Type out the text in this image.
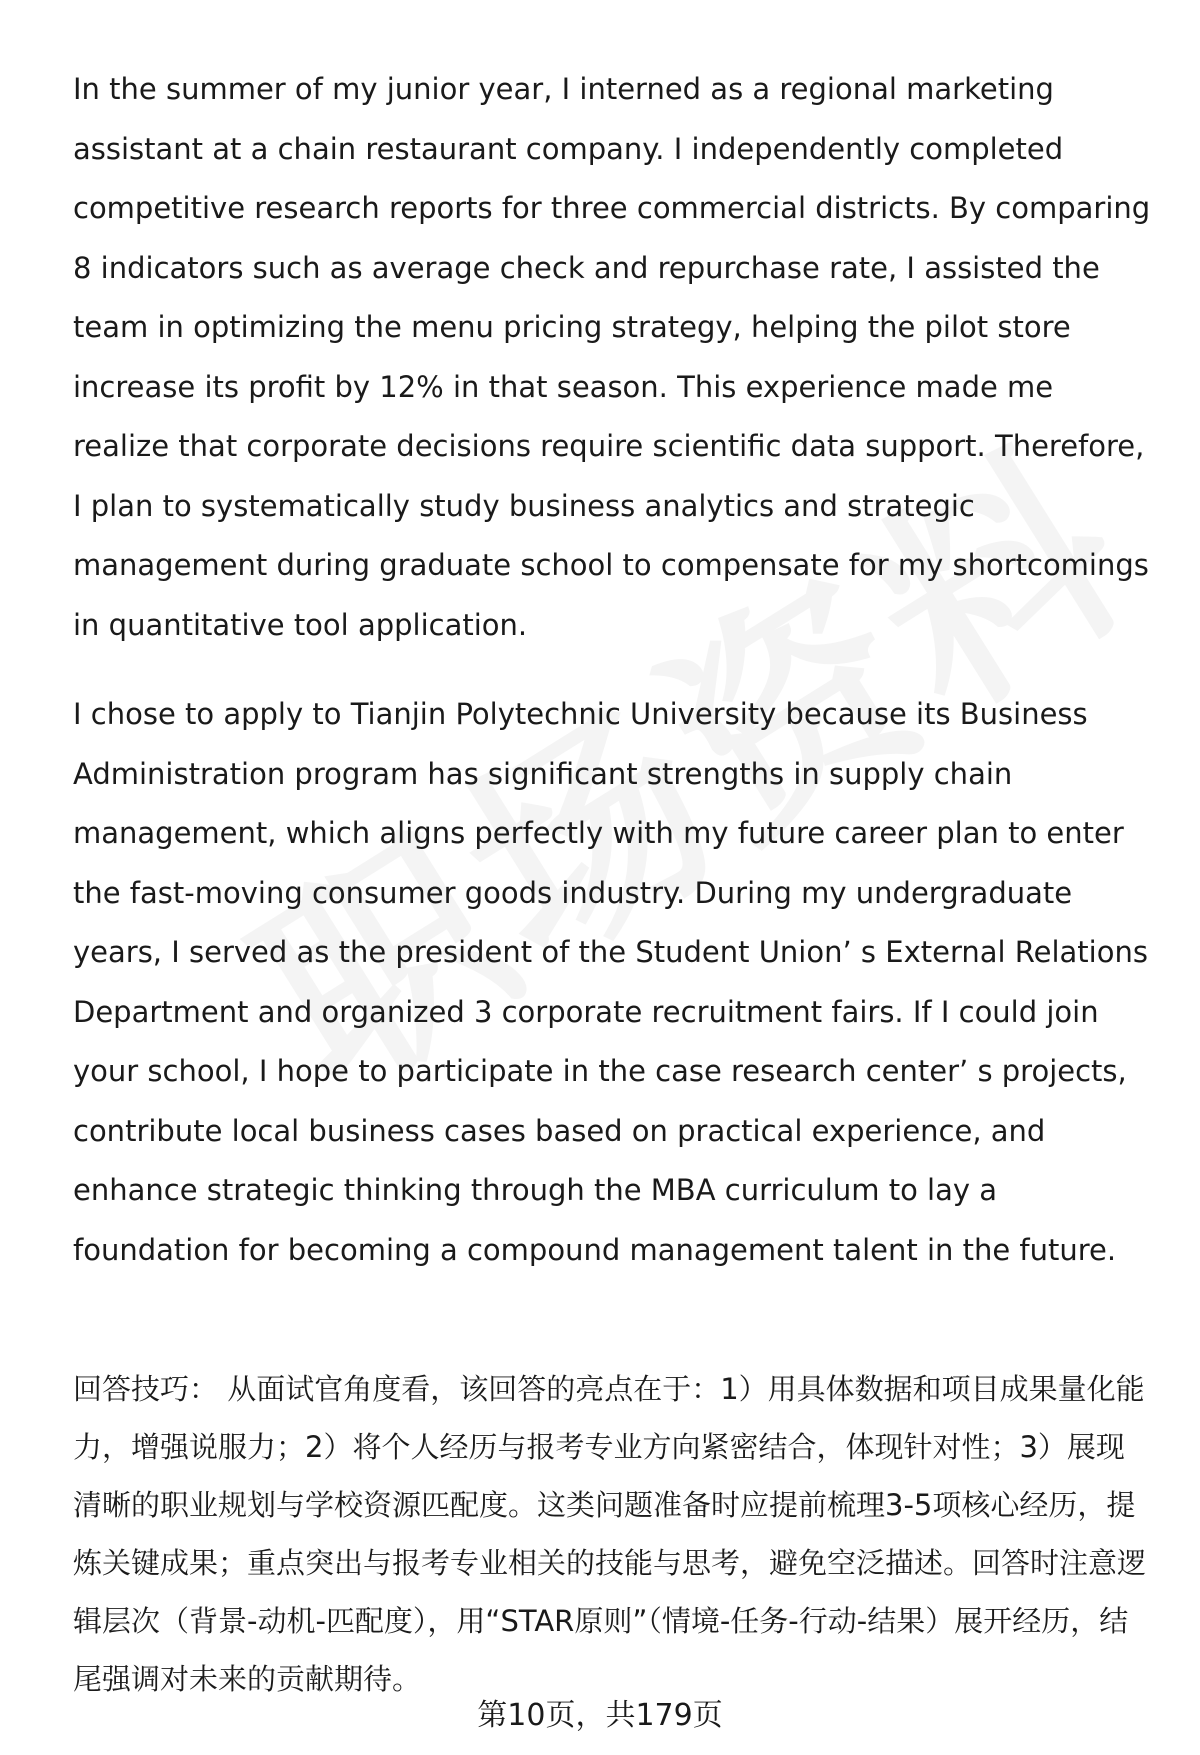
In the summer of my junior year, I interned as a regional marketing assistant at a chain restaurant company. I independently completed competitive research reports for three commercial districts. By comparing 8 indicators such as average check and repurchase rate, I assisted the team in optimizing the menu pricing strategy, helping the pilot store increase its profit by 12% in that season. This experience made me realize that corporate decisions require scientific data support. Therefore, I plan to systematically study business analytics and strategic management during graduate school to compensate for my shortcomings in quantitative tool application.

I chose to apply to Tianjin Polytechnic University because its Business Administration program has significant strengths in supply chain management, which aligns perfectly with my future career plan to enter the fast-moving consumer goods industry. During my undergraduate years, I served as the president of the Student Union’ s External Relations Department and organized 3 corporate recruitment fairs. If I could join your school, I hope to participate in the case research center’ s projects, contribute local business cases based on practical experience, and enhance strategic thinking through the MBA curriculum to lay a foundation for becoming a compound management talent in the future.

回答技巧： 从面试官角度看，该回答的亮点在于：1）用具体数据和项目成果量化能力，增强说服力；2）将个人经历与报考专业方向紧密结合，体现针对性；3）展现清晰的职业规划与学校资源匹配度。这类问题准备时应提前梳理3-5项核心经历，提炼关键成果；重点突出与报考专业相关的技能与思考，避免空泛描述。回答时注意逻辑层次（背景-动机-匹配度），用“STAR原则”（情境-任务-行动-结果）展开经历，结尾强调对未来的贡献期待。

第10页，共179页
